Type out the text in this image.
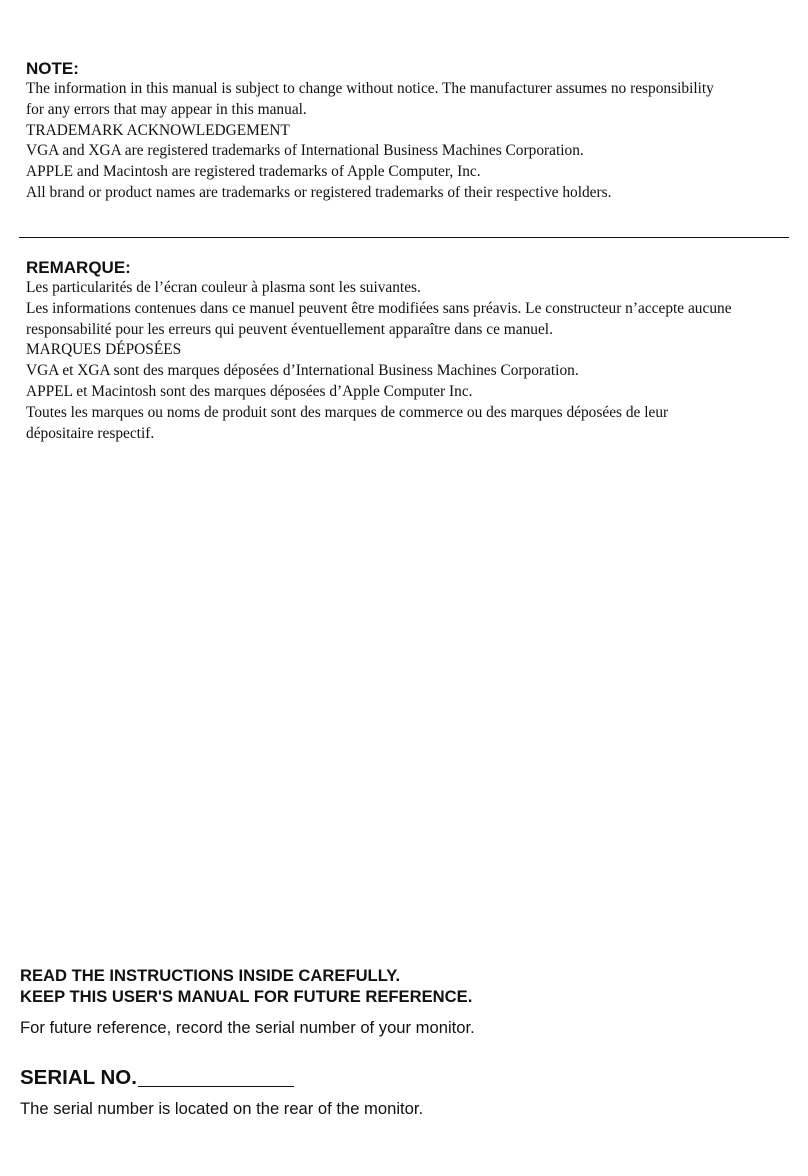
NOTE:
The information in this manual is subject to change without notice. The manufacturer assumes no responsibility
for any errors that may appear in this manual.
TRADEMARK ACKNOWLEDGEMENT
VGA and XGA are registered trademarks of International Business Machines Corporation.
APPLE and Macintosh are registered trademarks of Apple Computer, Inc.
All brand or product names are trademarks or registered trademarks of their respective holders.
REMARQUE:
Les particularités de l’écran couleur à plasma sont les suivantes.
Les informations contenues dans ce manuel peuvent être modifiées sans préavis. Le constructeur n’accepte aucune
responsabilité pour les erreurs qui peuvent éventuellement apparaître dans ce manuel.
MARQUES DÉPOSÉES
VGA et XGA sont des marques déposées d’International Business Machines Corporation.
APPEL et Macintosh sont des marques déposées d’Apple Computer Inc.
Toutes les marques ou noms de produit sont des marques de commerce ou des marques déposées de leur
dépositaire respectif.
READ THE INSTRUCTIONS INSIDE CAREFULLY.
KEEP THIS USER'S MANUAL FOR FUTURE REFERENCE.
For future reference, record the serial number of your monitor.
SERIAL NO.
The serial number is located on the rear of the monitor.
